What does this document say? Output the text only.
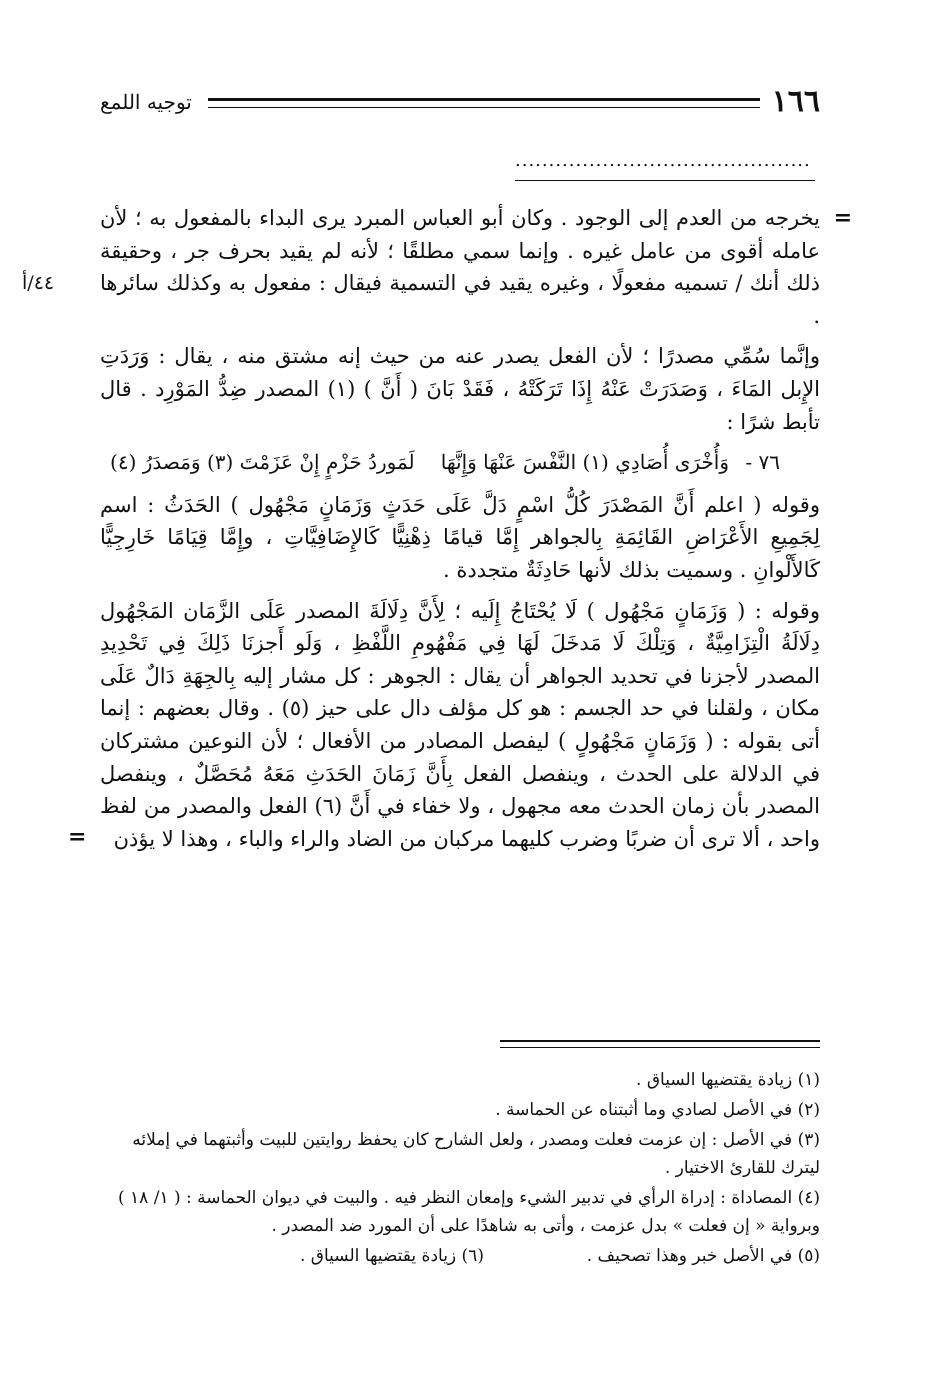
١٦٦
توجيه اللمع
............................................
=
٤٤/أ

يخرجه من العدم إلى الوجود . وكان أبو العباس المبرد يرى البداء بالمفعول به ؛ لأن عامله أقوى من عامل غيره . وإنما سمي مطلقًا ؛ لأنه لم يقيد بحرف جر ، وحقيقة ذلك أنك / تسميه مفعولًا ، وغيره يقيد في التسمية فيقال : مفعول به وكذلك سائرها .

وإنَّما سُمِّي مصدرًا ؛ لأن الفعل يصدر عنه من حيث إنه مشتق منه ، يقال : وَرَدَتِ الإِبل المَاءَ ، وَصَدَرَتْ عَنْهُ إِذَا تَرَكَتْهُ ، فَقَدْ بَانَ ( أَنَّ ) (١) المصدر ضِدُّ المَوْرِد . قال تأبط شرًا :

٧٦ - وَأُخْرَى أُصَادِي (١) النَّفْسَ عَنْهَا وَإِنَّهَا
لَمَوردُ حَزْمٍ إِنْ عَزَمْتَ (٣) وَمَصدَرُ (٤)

وقوله ( اعلم أَنَّ المَصْدَرَ كُلُّ اسْمٍ دَلَّ عَلَى حَدَثٍ وَزَمَانٍ مَجْهُول ) الحَدَثُ : اسم لِجَمِيعِ الأَعْرَاضِ القَائِمَةِ بِالجواهر إِمَّا قيامًا ذِهْنِيًّا كَالإِضَافِيَّاتِ ، وإِمَّا قِيَامًا خَارِجِيًّا كَالأَلْوانِ . وسميت بذلك لأنها حَادِثَةٌ متجددة .

وقوله : ( وَزَمَانٍ مَجْهُول ) لَا يُحْتَاجُ إِلَيه ؛ لِأَنَّ دِلَالَةَ المصدر عَلَى الزَّمَان المَجْهُول دِلَالَةُ الْتِزَامِيَّةٌ ، وَتِلْكَ لَا مَدخَلَ لَهَا فِي مَفْهُومِ اللَّفْظِ ، وَلَو أَجزنَا ذَلِكَ فِي تَحْدِيدِ المصدر لأجزنا في تحديد الجواهر أن يقال : الجوهر : كل مشار إليه بِالجِهَةِ دَالٌ عَلَى مكان ، ولقلنا في حد الجسم : هو كل مؤلف دال على حيز (٥) . وقال بعضهم : إنما أتى بقوله : ( وَزَمَانٍ مَجْهُولٍ ) ليفصل المصادر من الأفعال ؛ لأن النوعين مشتركان في الدلالة على الحدث ، وينفصل الفعل بِأَنَّ زَمَانَ الحَدَثِ مَعَهُ مُحَصَّلٌ ، وينفصل المصدر بأن زمان الحدث معه مجهول ، ولا خفاء في أَنَّ (٦) الفعل والمصدر من لفظ واحد ، ألا ترى أن ضربًا وضرب كليهما مركبان من الضاد والراء والباء ، وهذا لا يؤذن
=

(١) زيادة يقتضيها السياق .
(٢) في الأصل لصادي وما أثبتناه عن الحماسة .
(٣) في الأصل : إن عزمت فعلت ومصدر ، ولعل الشارح كان يحفظ روايتين للبيت وأثبتهما في إملائه
ليترك للقارئ الاختيار .
(٤) المصاداة : إدراة الرأي في تدبير الشيء وإمعان النظر فيه . والبيت في ديوان الحماسة : ( ١/ ١٨ )
وبرواية « إن فعلت » بدل عزمت ، وأتى به شاهدًا على أن المورد ضد المصدر .
(٥) في الأصل خبر وهذا تصحيف .
(٦) زيادة يقتضيها السياق .
